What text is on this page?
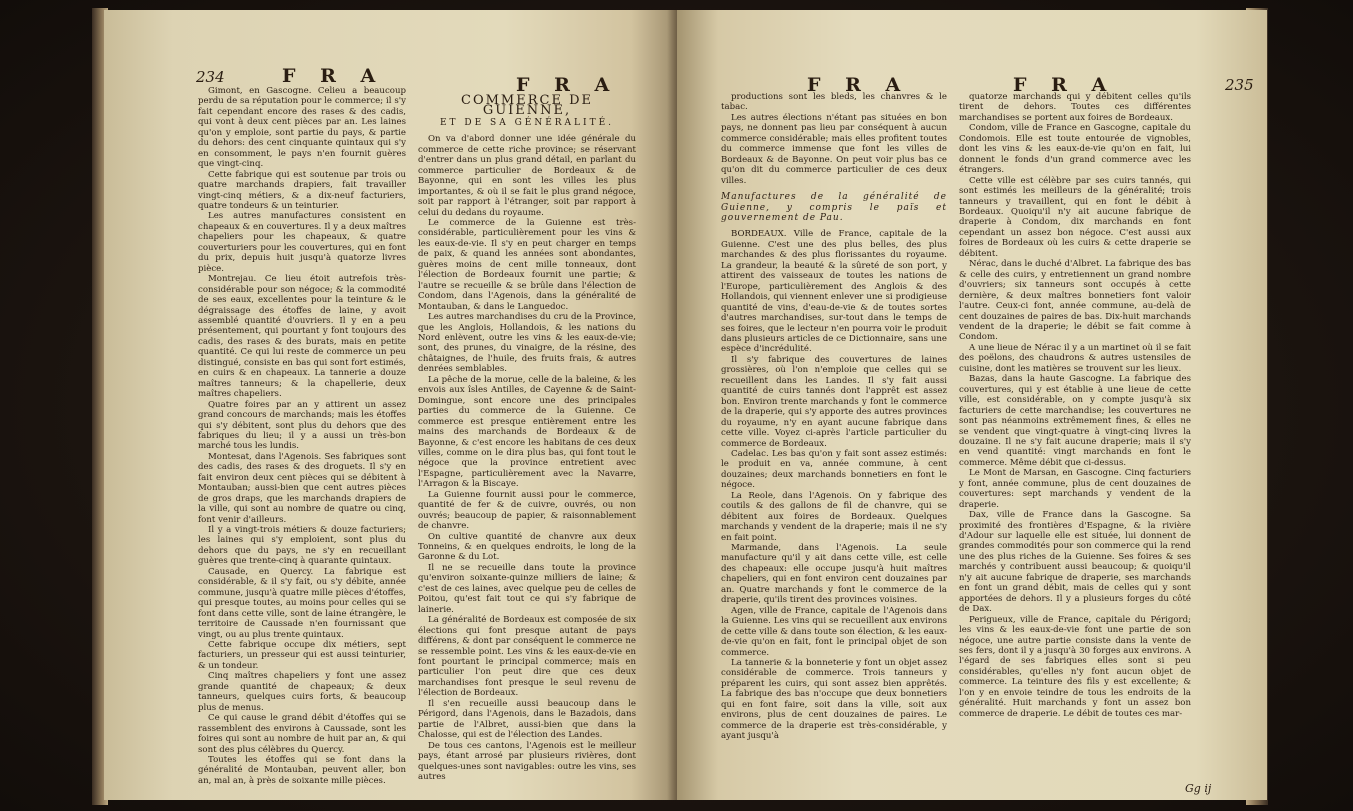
234	F R A	F R A

Gimont, en Gascogne. Celieu a beaucoup perdu de sa réputation pour le commerce; il s'y fait cependant encore des rases & des cadis, qui vont à deux cent pièces par an. Les laines qu'on y emploie, sont partie du pays, & partie du dehors: des cent cinquante quintaux qui s'y en consomment, le pays n'en fournit guères que vingt-cinq.

Cette fabrique qui est soutenue par trois ou quatre marchands drapiers, fait travailler vingt-cinq métiers, & a dix-neuf facturiers, quatre tondeurs & un teinturier.

Les autres manufactures consistent en chapeaux & en couvertures. Il y a deux maîtres chapeliers pour les chapeaux, & quatre couverturiers pour les couvertures, qui en font du prix, depuis huit jusqu'à quatorze livres pièce.

Montrejau. Ce lieu étoit autrefois très-considérable pour son négoce; & la commodité de ses eaux, excellentes pour la teinture & le dégraissage des étoffes de laine, y avoit assemblé quantité d'ouvriers. Il y en a peu présentement, qui pourtant y font toujours des cadis, des rases & des burats, mais en petite quantité. Ce qui lui reste de commerce un peu distingué, consiste en bas qui sont fort estimés, en cuirs & en chapeaux. La tannerie a douze maîtres tanneurs; & la chapellerie, deux maîtres chapeliers.

Quatre foires par an y attirent un assez grand concours de marchands; mais les étoffes qui s'y débitent, sont plus du dehors que des fabriques du lieu; il y a aussi un très-bon marché tous les lundis.

Montesat, dans l'Agenois. Ses fabriques sont des cadis, des rases & des droguets. Il s'y en fait environ deux cent pièces qui se débitent à Montauban; aussi-bien que cent autres pièces de gros draps, que les marchands drapiers de la ville, qui sont au nombre de quatre ou cinq, font venir d'ailleurs.

Il y a vingt-trois métiers & douze facturiers; les laines qui s'y emploient, sont plus du dehors que du pays, ne s'y en recueillant guères que trente-cinq à quarante quintaux.

Causade, en Quercy. La fabrique est considérable, & il s'y fait, ou s'y débite, année commune, jusqu'à quatre mille pièces d'étoffes, qui presque toutes, au moins pour celles qui se font dans cette ville, sont de laine étrangère, le territoire de Caussade n'en fournissant que vingt, ou au plus trente quintaux.

Cette fabrique occupe dix métiers, sept facturiers, un presseur qui est aussi teinturier, & un tondeur.

Cinq maîtres chapeliers y font une assez grande quantité de chapeaux; & deux tanneurs, quelques cuirs forts, & beaucoup plus de menus.

Ce qui cause le grand débit d'étoffes qui se rassemblent des environs à Caussade, sont les foires qui sont au nombre de huit par an, & qui sont des plus célèbres du Quercy.

Toutes les étoffes qui se font dans la généralité de Montauban, peuvent aller, bon an, mal an, à près de soixante mille pièces.

COMMERCE DE GUIENNE,
ET DE SA GÉNÉRALITÉ.

On va d'abord donner une idée générale du commerce de cette riche province; se réservant d'entrer dans un plus grand détail, en parlant du commerce particulier de Bordeaux & de Bayonne, qui en sont les villes les plus importantes, & où il se fait le plus grand négoce, soit par rapport à l'étranger, soit par rapport à celui du dedans du royaume.

Le commerce de la Guienne est très-considérable, particulièrement pour les vins & les eaux-de-vie. Il s'y en peut charger en temps de paix, & quand les années sont abondantes, guères moins de cent mille tonneaux, dont l'élection de Bordeaux fournit une partie; & l'autre se recueille & se brûle dans l'élection de Condom, dans l'Agenois, dans la généralité de Montauban, & dans le Languedoc.

Les autres marchandises du cru de la Province, que les Anglois, Hollandois, & les nations du Nord enlèvent, outre les vins & les eaux-de-vie; sont, des prunes, du vinaigre, de la résine, des châtaignes, de l'huile, des fruits frais, & autres denrées semblables.

La pêche de la morue, celle de la baleine, & les envois aux îsles Antilles, de Cayenne & de Saint-Domingue, sont encore une des principales parties du commerce de la Guienne. Ce commerce est presque entièrement entre les mains des marchands de Bordeaux & de Bayonne, & c'est encore les habitans de ces deux villes, comme on le dira plus bas, qui font tout le négoce que la province entretient avec l'Espagne, particulièrement avec la Navarre, l'Arragon & la Biscaye.

La Guienne fournit aussi pour le commerce, quantité de fer & de cuivre, ouvrés, ou non ouvrés; beaucoup de papier, & raisonnablement de chanvre.

On cultive quantité de chanvre aux deux Tonneins, & en quelques endroits, le long de la Garonne & du Lot.

Il ne se recueille dans toute la province qu'environ soixante-quinze milliers de laine; & c'est de ces laines, avec quelque peu de celles de Poitou, qu'est fait tout ce qui s'y fabrique de lainerie.

La généralité de Bordeaux est composée de six élections qui font presque autant de pays différens, & dont par conséquent le commerce ne se ressemble point. Les vins & les eaux-de-vie en font pourtant le principal commerce; mais en particulier l'on peut dire que ces deux marchandises font presque le seul revenu de l'élection de Bordeaux.

Il s'en recueille aussi beaucoup dans le Périgord, dans l'Agenois, dans le Bazadois, dans partie de l'Albret, aussi-bien que dans la Chalosse, qui est de l'élection des Landes.

De tous ces cantons, l'Agenois est le meilleur pays, étant arrosé par plusieurs rivières, dont quelques-unes sont navigables: outre les vins, ses autres

F R A	F R A	235

productions sont les bleds, les chanvres & le tabac.

Les autres élections n'étant pas situées en bon pays, ne donnent pas lieu par conséquent à aucun commerce considérable; mais elles profitent toutes du commerce immense que font les villes de Bordeaux & de Bayonne. On peut voir plus bas ce qu'on dit du commerce particulier de ces deux villes.

Manufactures de la généralité de Guienne, y compris le païs et gouvernement de Pau.

BORDEAUX. Ville de France, capitale de la Guienne. C'est une des plus belles, des plus marchandes & des plus florissantes du royaume. La grandeur, la beauté & la sûreté de son port, y attirent des vaisseaux de toutes les nations de l'Europe, particulièrement des Anglois & des Hollandois, qui viennent enlever une si prodigieuse quantité de vins, d'eau-de-vie & de toutes sortes d'autres marchandises, sur-tout dans le temps de ses foires, que le lecteur n'en pourra voir le produit dans plusieurs articles de ce Dictionnaire, sans une espèce d'incrédulité.

Il s'y fabrique des couvertures de laines grossières, où l'on n'emploie que celles qui se recueillent dans les Landes. Il s'y fait aussi quantité de cuirs tannés dont l'apprêt est assez bon. Environ trente marchands y font le commerce de la draperie, qui s'y apporte des autres provinces du royaume, n'y en ayant aucune fabrique dans cette ville. Voyez ci-après l'article particulier du commerce de Bordeaux.

Cadelac. Les bas qu'on y fait sont assez estimés: le produit en va, année commune, à cent douzaines; deux marchands bonnetiers en font le négoce.

La Reole, dans l'Agenois. On y fabrique des coutils & des gallons de fil de chanvre, qui se débitent aux foires de Bordeaux. Quelques marchands y vendent de la draperie; mais il ne s'y en fait point.

Marmande, dans l'Agenois. La seule manufacture qu'il y ait dans cette ville, est celle des chapeaux: elle occupe jusqu'à huit maîtres chapeliers, qui en font environ cent douzaines par an. Quatre marchands y font le commerce de la draperie, qu'ils tirent des provinces voisines.

Agen, ville de France, capitale de l'Agenois dans la Guienne. Les vins qui se recueillent aux environs de cette ville & dans toute son élection, & les eaux-de-vie qu'on en fait, font le principal objet de son commerce.

La tannerie & la bonneterie y font un objet assez considérable de commerce. Trois tanneurs y préparent les cuirs, qui sont assez bien apprêtés. La fabrique des bas n'occupe que deux bonnetiers qui en font faire, soit dans la ville, soit aux environs, plus de cent douzaines de paires. Le commerce de la draperie est très-considérable, y ayant jusqu'à

quatorze marchands qui y débitent celles qu'ils tirent de dehors. Toutes ces différentes marchandises se portent aux foires de Bordeaux.

Condom, ville de France en Gascogne, capitale du Condomois. Elle est toute entourée de vignobles, dont les vins & les eaux-de-vie qu'on en fait, lui donnent le fonds d'un grand commerce avec les étrangers.

Cette ville est célèbre par ses cuirs tannés, qui sont estimés les meilleurs de la généralité; trois tanneurs y travaillent, qui en font le débit à Bordeaux. Quoiqu'il n'y ait aucune fabrique de draperie à Condom, dix marchands en font cependant un assez bon négoce. C'est aussi aux foires de Bordeaux où les cuirs & cette draperie se débitent.

Nérac, dans le duché d'Albret. La fabrique des bas & celle des cuirs, y entretiennent un grand nombre d'ouvriers; six tanneurs sont occupés à cette dernière, & deux maîtres bonnetiers font valoir l'autre. Ceux-ci font, année commune, au-delà de cent douzaines de paires de bas. Dix-huit marchands vendent de la draperie; le débit se fait comme à Condom.

A une lieue de Nérac il y a un martinet où il se fait des poëlons, des chaudrons & autres ustensiles de cuisine, dont les matières se trouvent sur les lieux.

Bazas, dans la haute Gascogne. La fabrique des couvertures, qui y est établie à une lieue de cette ville, est considérable, on y compte jusqu'à six facturiers de cette marchandise; les couvertures ne sont pas néanmoins extrêmement fines, & elles ne se vendent que vingt-quatre à vingt-cinq livres la douzaine. Il ne s'y fait aucune draperie; mais il s'y en vend quantité: vingt marchands en font le commerce. Même débit que ci-dessus.

Le Mont de Marsan, en Gascogne. Cinq facturiers y font, année commune, plus de cent douzaines de couvertures: sept marchands y vendent de la draperie.

Dax, ville de France dans la Gascogne. Sa proximité des frontières d'Espagne, & la rivière d'Adour sur laquelle elle est située, lui donnent de grandes commodités pour son commerce qui la rend une des plus riches de la Guienne. Ses foires & ses marchés y contribuent aussi beaucoup; & quoiqu'il n'y ait aucune fabrique de draperie, ses marchands en font un grand débit, mais de celles qui y sont apportées de dehors. Il y a plusieurs forges du côté de Dax.

Perigueux, ville de France, capitale du Périgord; les vins & les eaux-de-vie font une partie de son négoce, une autre partie consiste dans la vente de ses fers, dont il y a jusqu'à 30 forges aux environs. A l'égard de ses fabriques elles sont si peu considérables, qu'elles n'y font aucun objet de commerce. La teinture des fils y est excellente; & l'on y en envoie teindre de tous les endroits de la généralité. Huit marchands y font un assez bon commerce de draperie. Le débit de toutes ces mar-

Gg ij
